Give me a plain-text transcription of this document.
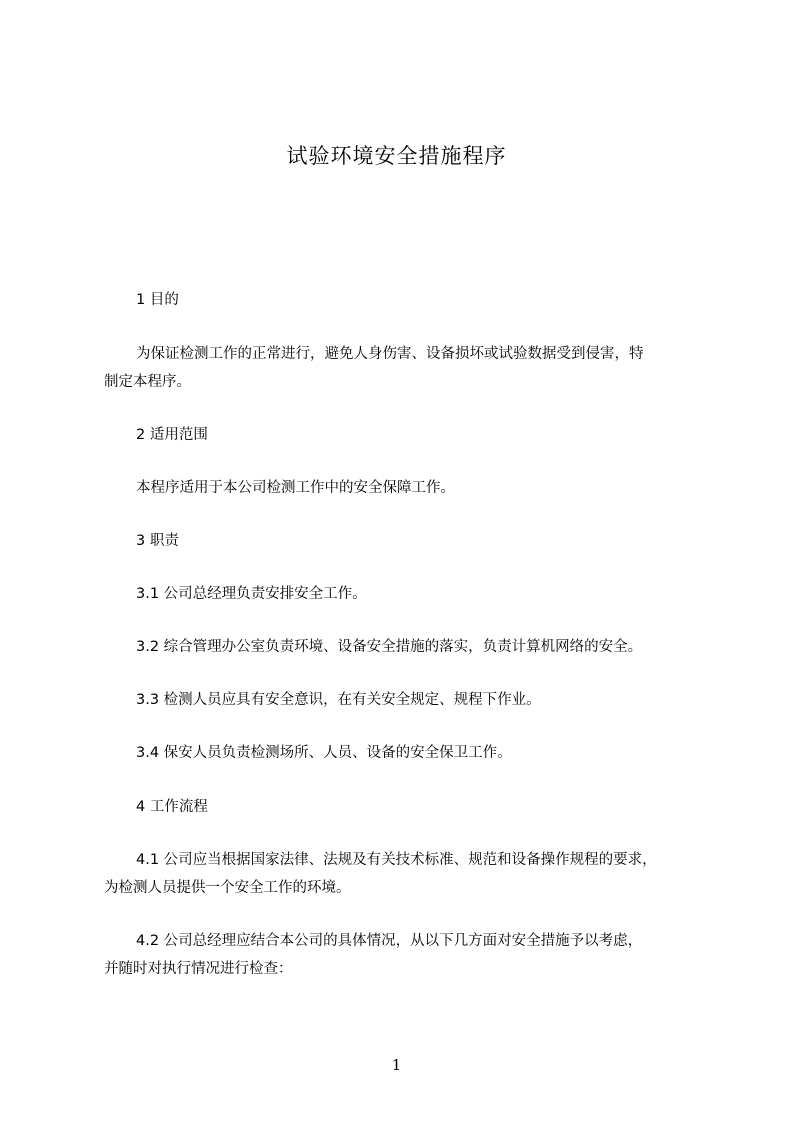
试验环境安全措施程序
1 目的
为保证检测工作的正常进行，避免人身伤害、设备损坏或试验数据受到侵害，特
制定本程序。
2 适用范围
本程序适用于本公司检测工作中的安全保障工作。
3 职责
3.1 公司总经理负责安排安全工作。
3.2 综合管理办公室负责环境、设备安全措施的落实，负责计算机网络的安全。
3.3 检测人员应具有安全意识，在有关安全规定、规程下作业。
3.4 保安人员负责检测场所、人员、设备的安全保卫工作。
4 工作流程
4.1 公司应当根据国家法律、法规及有关技术标准、规范和设备操作规程的要求，
为检测人员提供一个安全工作的环境。
4.2 公司总经理应结合本公司的具体情况，从以下几方面对安全措施予以考虑，
并随时对执行情况进行检查：
1
